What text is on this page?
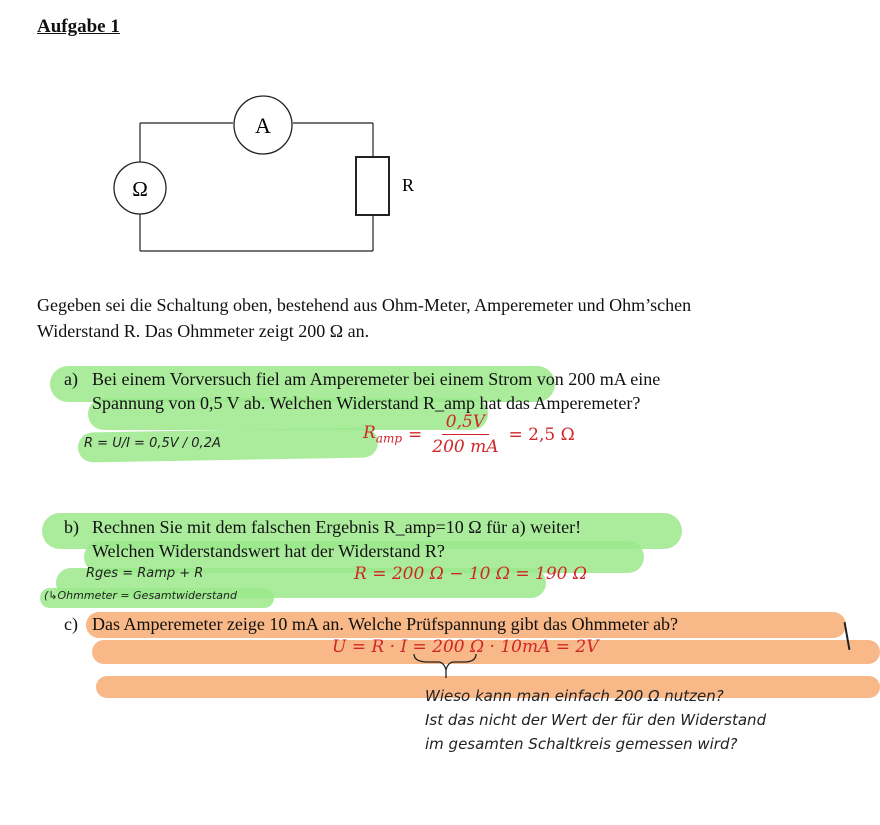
Aufgabe 1
A
Ω	R
Gegeben sei die Schaltung oben, bestehend aus Ohm-Meter, Amperemeter und Ohm’schen
Widerstand R. Das Ohmmeter zeigt 200 Ω an.
a) Bei einem Vorversuch fiel am Amperemeter bei einem Strom von 200 mA eine
Spannung von 0,5 V ab. Welchen Widerstand R_amp hat das Amperemeter?
R = U/I = 0,5V / 0,2A
$R_{amp} = \frac{0,5V}{200 mA} = 2,5$ Ω
b) Rechnen Sie mit dem falschen Ergebnis R_amp=10 Ω für a) weiter!
Welchen Widerstandswert hat der Widerstand R?
Rges = Ramp + R
(↳Ohmmeter = Gesamtwiderstand
R = 200 Ω − 10 Ω = 190 Ω
c) Das Amperemeter zeige 10 mA an. Welche Prüfspannung gibt das Ohmmeter ab?
U = R · I = 200 Ω · 10mA = 2V
Wieso kann man einfach 200 Ω nutzen?
Ist das nicht der Wert der für den Widerstand
im gesamten Schaltkreis gemessen wird?
